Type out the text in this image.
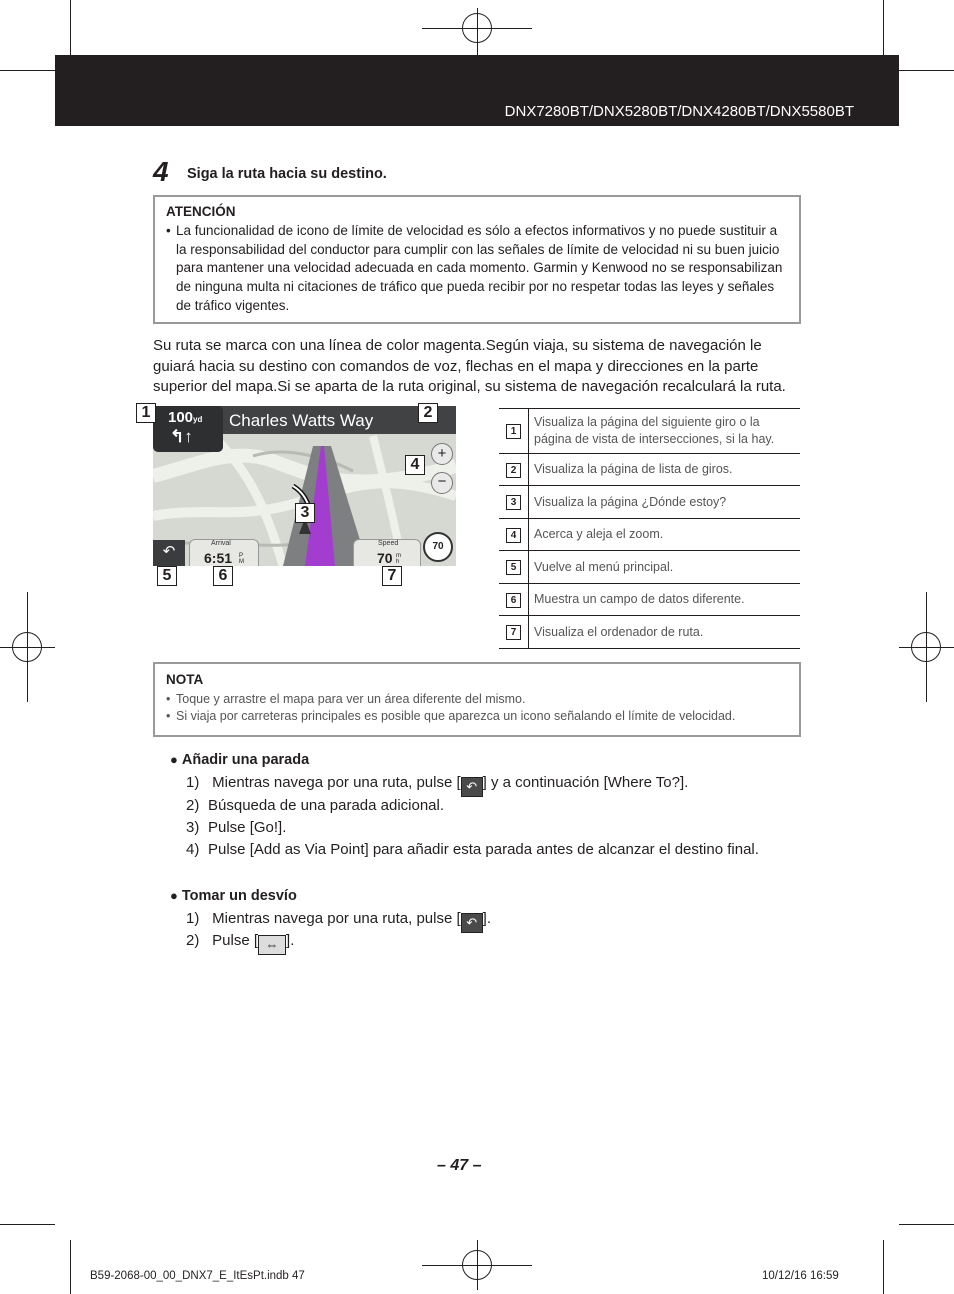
DNX7280BT/DNX5280BT/DNX4280BT/DNX5580BT
4 Siga la ruta hacia su destino.
ATENCIÓN
• La funcionalidad de icono de límite de velocidad es sólo a efectos informativos y no puede sustituir a la responsabilidad del conductor para cumplir con las señales de límite de velocidad ni su buen juicio para mantener una velocidad adecuada en cada momento. Garmin y Kenwood no se responsabilizan de ninguna multa ni citaciones de tráfico que pueda recibir por no respetar todas las leyes y señales de tráfico vigentes.
Su ruta se marca con una línea de color magenta.Según viaja, su sistema de navegación le guiará hacia su destino con comandos de voz, flechas en el mapa y direcciones en la parte superior del mapa.Si se aparta de la ruta original, su sistema de navegación recalculará la ruta.
100yd
↰↑
Charles Watts Way
+
−
↶	Arrival
6:51 PM
Speed
70 mh
70
1	2
4
3
5	6	7
1	Visualiza la página del siguiente giro o la página de vista de intersecciones, si la hay.
2	Visualiza la página de lista de giros.
3	Visualiza la página ¿Dónde estoy?
4	Acerca y aleja el zoom.
5	Vuelve al menú principal.
6	Muestra un campo de datos diferente.
7	Visualiza el ordenador de ruta.
NOTA
• Toque y arrastre el mapa para ver un área diferente del mismo.
• Si viaja por carreteras principales es posible que aparezca un icono señalando el límite de velocidad.
● Añadir una parada
1) Mientras navega por una ruta, pulse [ ↶ ] y a continuación [Where To?].
2) Búsqueda de una parada adicional.
3) Pulse [Go!].
4) Pulse [Add as Via Point] para añadir esta parada antes de alcanzar el destino final.
● Tomar un desvío
1) Mientras navega por una ruta, pulse [ ↶ ].
2) Pulse [ ⇔ ].
– 47 –
B59-2068-00_00_DNX7_E_ItEsPt.indb 47	10/12/16 16:59
